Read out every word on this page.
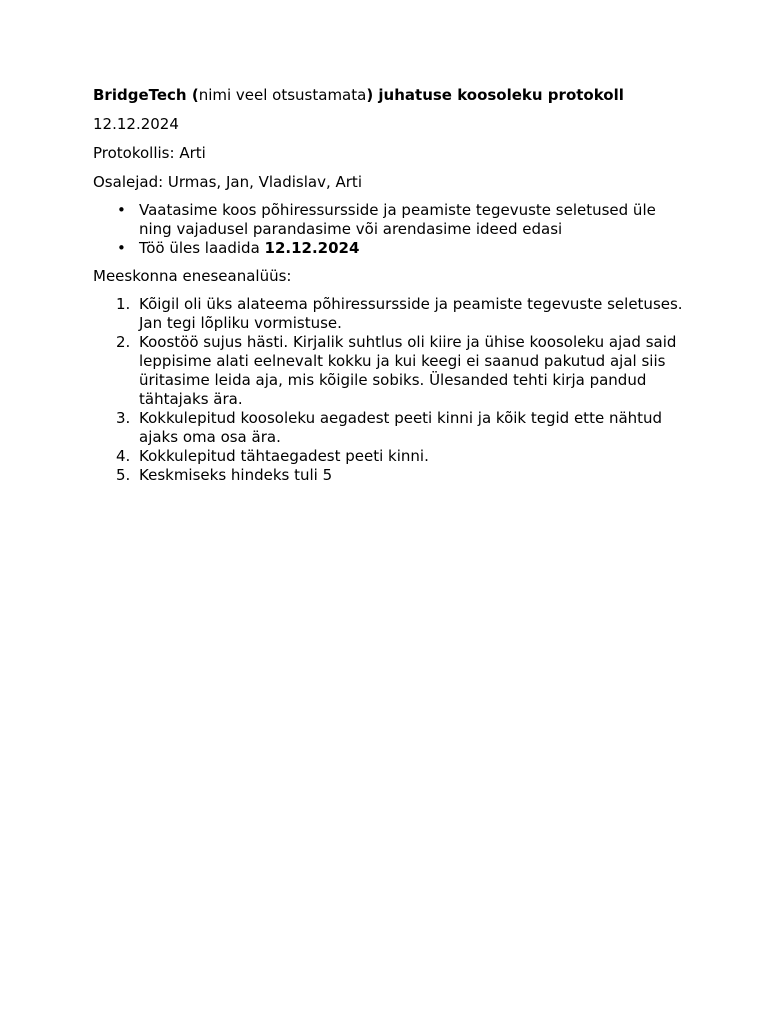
BridgeTech (nimi veel otsustamata) juhatuse koosoleku protokoll

12.12.2024

Protokollis: Arti

Osalejad: Urmas, Jan, Vladislav, Arti

• Vaatasime koos põhiressursside ja peamiste tegevuste seletused üle ning vajadusel parandasime või arendasime ideed edasi
• Töö üles laadida 12.12.2024

Meeskonna eneseanalüüs:

1. Kõigil oli üks alateema põhiressursside ja peamiste tegevuste seletuses. Jan tegi lõpliku vormistuse.
2. Koostöö sujus hästi. Kirjalik suhtlus oli kiire ja ühise koosoleku ajad said leppisime alati eelnevalt kokku ja kui keegi ei saanud pakutud ajal siis üritasime leida aja, mis kõigile sobiks. Ülesanded tehti kirja pandud tähtajaks ära.
3. Kokkulepitud koosoleku aegadest peeti kinni ja kõik tegid ette nähtud ajaks oma osa ära.
4. Kokkulepitud tähtaegadest peeti kinni.
5. Keskmiseks hindeks tuli 5
